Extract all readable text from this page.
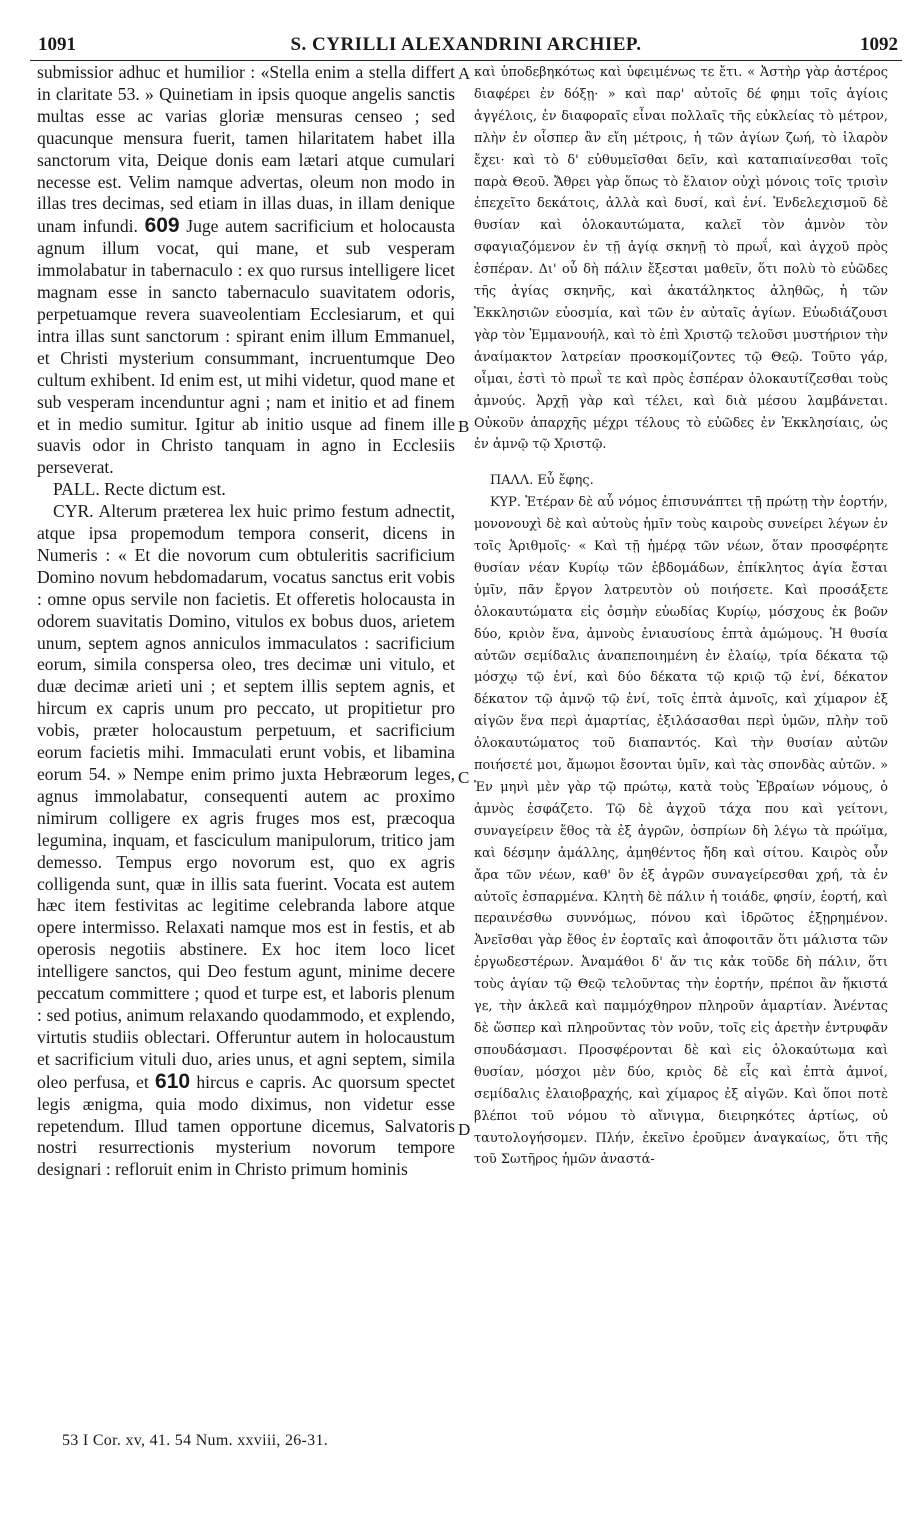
1091	S. CYRILLI ALEXANDRINI ARCHIEP.	1092

submissior adhuc et humilior : «Stella enim a stella differt in claritate 53. » Quinetiam in ipsis quoque angelis sanctis multas esse ac varias gloriæ mensuras censeo ; sed quacunque mensura fuerit, tamen hilaritatem habet illa sanctorum vita, Deique donis eam lætari atque cumulari necesse est. Velim namque advertas, oleum non modo in illas tres decimas, sed etiam in illas duas, in illam denique unam infundi. 609 Juge autem sacrificium et holocausta agnum illum vocat, qui mane, et sub vesperam immolabatur in tabernaculo : ex quo rursus intelligere licet magnam esse in sancto tabernaculo suavitatem odoris, perpetuamque revera suaveolentiam Ecclesiarum, et qui intra illas sunt sanctorum : spirant enim illum Emmanuel, et Christi mysterium consummant, incruentumque Deo cultum exhibent. Id enim est, ut mihi videtur, quod mane et sub vesperam incenduntur agni ; nam et initio et ad finem et in medio sumitur. Igitur ab initio usque ad finem ille suavis odor in Christo tanquam in agno in Ecclesiis perseverat.

PALL. Recte dictum est.

CYR. Alterum præterea lex huic primo festum adnectit, atque ipsa propemodum tempora conserit, dicens in Numeris : « Et die novorum cum obtuleritis sacrificium Domino novum hebdomadarum, vocatus sanctus erit vobis : omne opus servile non facietis. Et offeretis holocausta in odorem suavitatis Domino, vitulos ex bobus duos, arietem unum, septem agnos anniculos immaculatos : sacrificium eorum, simila conspersa oleo, tres decimæ uni vitulo, et duæ decimæ arieti uni ; et septem illis septem agnis, et hircum ex capris unum pro peccato, ut propitietur pro vobis, præter holocaustum perpetuum, et sacrificium eorum facietis mihi. Immaculati erunt vobis, et libamina eorum 54. » Nempe enim primo juxta Hebræorum leges, agnus immolabatur, consequenti autem ac proximo nimirum colligere ex agris fruges mos est, præcoqua legumina, inquam, et fasciculum manipulorum, tritico jam demesso. Tempus ergo novorum est, quo ex agris colligenda sunt, quæ in illis sata fuerint. Vocata est autem hæc item festivitas ac legitime celebranda labore atque opere intermisso. Relaxati namque mos est in festis, et ab operosis negotiis abstinere. Ex hoc item loco licet intelligere sanctos, qui Deo festum agunt, minime decere peccatum committere ; quod et turpe est, et laboris plenum : sed potius, animum relaxando quodammodo, et explendo, virtutis studiis oblectari. Offeruntur autem in holocaustum et sacrificium vituli duo, aries unus, et agni septem, simila oleo perfusa, et 610 hircus e capris. Ac quorsum spectet legis ænigma, quia modo diximus, non videtur esse repetendum. Illud tamen opportune dicemus, Salvatoris nostri resurrectionis mysterium novorum tempore designari : refloruit enim in Christo primum hominis

A
B
C
D

καὶ ὑποδεβηκότως καὶ ὑφειμένως τε ἔτι. « Ἀστὴρ γὰρ ἀστέρος διαφέρει ἐν δόξῃ· » καὶ παρ' αὐτοῖς δέ φημι τοῖς ἁγίοις ἀγγέλοις, ἐν διαφοραῖς εἶναι πολλαῖς τῆς εὐκλείας τὸ μέτρον, πλὴν ἐν οἷσπερ ἂν εἴη μέτροις, ἡ τῶν ἁγίων ζωή, τὸ ἱλαρὸν ἔχει· καὶ τὸ δ' εὐθυμεῖσθαι δεῖν, καὶ καταπιαίνεσθαι τοῖς παρὰ Θεοῦ. Ἄθρει γὰρ ὅπως τὸ ἔλαιον οὐχὶ μόνοις τοῖς τρισὶν ἐπεχεῖτο δεκάτοις, ἀλλὰ καὶ δυσί, καὶ ἑνί. Ἐνδελεχισμοῦ δὲ θυσίαν καὶ ὁλοκαυτώματα, καλεῖ τὸν ἀμνὸν τὸν σφαγιαζόμενον ἐν τῇ ἁγίᾳ σκηνῇ τὸ πρωΐ, καὶ ἀγχοῦ πρὸς ἑσπέραν. Δι' οὗ δὴ πάλιν ἔξεσται μαθεῖν, ὅτι πολὺ τὸ εὐῶδες τῆς ἁγίας σκηνῆς, καὶ ἀκατάληκτος ἀληθῶς, ἡ τῶν Ἐκκλησιῶν εὐοσμία, καὶ τῶν ἐν αὐταῖς ἁγίων. Εὐωδιάζουσι γὰρ τὸν Ἐμμανουήλ, καὶ τὸ ἐπὶ Χριστῷ τελοῦσι μυστήριον τὴν ἀναίμακτον λατρείαν προσκομίζοντες τῷ Θεῷ. Τοῦτο γάρ, οἶμαι, ἐστὶ τὸ πρωῒ τε καὶ πρὸς ἑσπέραν ὁλοκαυτίζεσθαι τοὺς ἀμνούς. Ἀρχῇ γὰρ καὶ τέλει, καὶ διὰ μέσου λαμβάνεται. Οὐκοῦν ἀπαρχῆς μέχρι τέλους τὸ εὐῶδες ἐν Ἐκκλησίαις, ὡς ἐν ἀμνῷ τῷ Χριστῷ.

ΠΑΛΛ. Εὖ ἔφης.

ΚΥΡ. Ἑτέραν δὲ αὖ νόμος ἐπισυνάπτει τῇ πρώτῃ τὴν ἑορτήν, μονονουχὶ δὲ καὶ αὐτοὺς ἡμῖν τοὺς καιροὺς συνείρει λέγων ἐν τοῖς Ἀριθμοῖς· « Καὶ τῇ ἡμέρᾳ τῶν νέων, ὅταν προσφέρητε θυσίαν νέαν Κυρίῳ τῶν ἑβδομάδων, ἐπίκλητος ἁγία ἔσται ὑμῖν, πᾶν ἔργον λατρευτὸν οὐ ποιήσετε. Καὶ προσάξετε ὁλοκαυτώματα εἰς ὀσμὴν εὐωδίας Κυρίῳ, μόσχους ἐκ βοῶν δύο, κριὸν ἕνα, ἀμνοὺς ἐνιαυσίους ἑπτὰ ἀμώμους. Ἡ θυσία αὐτῶν σεμίδαλις ἀναπεποιημένη ἐν ἐλαίῳ, τρία δέκατα τῷ μόσχῳ τῷ ἑνί, καὶ δύο δέκατα τῷ κριῷ τῷ ἑνί, δέκατον δέκατον τῷ ἀμνῷ τῷ ἑνί, τοῖς ἑπτὰ ἀμνοῖς, καὶ χίμαρον ἐξ αἰγῶν ἕνα περὶ ἁμαρτίας, ἐξιλάσασθαι περὶ ὑμῶν, πλὴν τοῦ ὁλοκαυτώματος τοῦ διαπαντός. Καὶ τὴν θυσίαν αὐτῶν ποιήσετέ μοι, ἄμωμοι ἔσονται ὑμῖν, καὶ τὰς σπονδὰς αὐτῶν. » Ἐν μηνὶ μὲν γὰρ τῷ πρώτῳ, κατὰ τοὺς Ἑβραίων νόμους, ὁ ἀμνὸς ἐσφάζετο. Τῷ δὲ ἀγχοῦ τάχα που καὶ γείτονι, συναγείρειν ἔθος τὰ ἐξ ἀγρῶν, ὀσπρίων δὴ λέγω τὰ πρώϊμα, καὶ δέσμην ἀμάλλης, ἀμηθέντος ἤδη καὶ σίτου. Καιρὸς οὖν ἄρα τῶν νέων, καθ' ὃν ἐξ ἀγρῶν συναγείρεσθαι χρή, τὰ ἐν αὐτοῖς ἐσπαρμένα. Κλητὴ δὲ πάλιν ἡ τοιάδε, φησίν, ἑορτή, καὶ περαινέσθω συννόμως, πόνου καὶ ἱδρῶτος ἐξῃρημένον. Ἀνεῖσθαι γὰρ ἔθος ἐν ἑορταῖς καὶ ἀποφοιτᾶν ὅτι μάλιστα τῶν ἐργωδεστέρων. Ἀναμάθοι δ' ἄν τις κἀκ τοῦδε δὴ πάλιν, ὅτι τοὺς ἁγίαν τῷ Θεῷ τελοῦντας τὴν ἑορτήν, πρέποι ἂν ἥκιστά γε, τὴν ἀκλεᾶ καὶ παμμόχθηρον πληροῦν ἁμαρτίαν. Ἀνέντας δὲ ὥσπερ καὶ πληροῦντας τὸν νοῦν, τοῖς εἰς ἀρετὴν ἐντρυφᾶν σπουδάσμασι. Προσφέρονται δὲ καὶ εἰς ὁλοκαύτωμα καὶ θυσίαν, μόσχοι μὲν δύο, κριὸς δὲ εἷς καὶ ἑπτὰ ἀμνοί, σεμίδαλις ἐλαιοβραχής, καὶ χίμαρος ἐξ αἰγῶν. Καὶ ὅποι ποτὲ βλέποι τοῦ νόμου τὸ αἴνιγμα, διειρηκότες ἀρτίως, οὐ ταυτολογήσομεν. Πλήν, ἐκεῖνο ἐροῦμεν ἀναγκαίως, ὅτι τῆς τοῦ Σωτῆρος ἡμῶν ἀναστά-

53 I Cor. xv, 41. 54 Num. xxviii, 26-31.
